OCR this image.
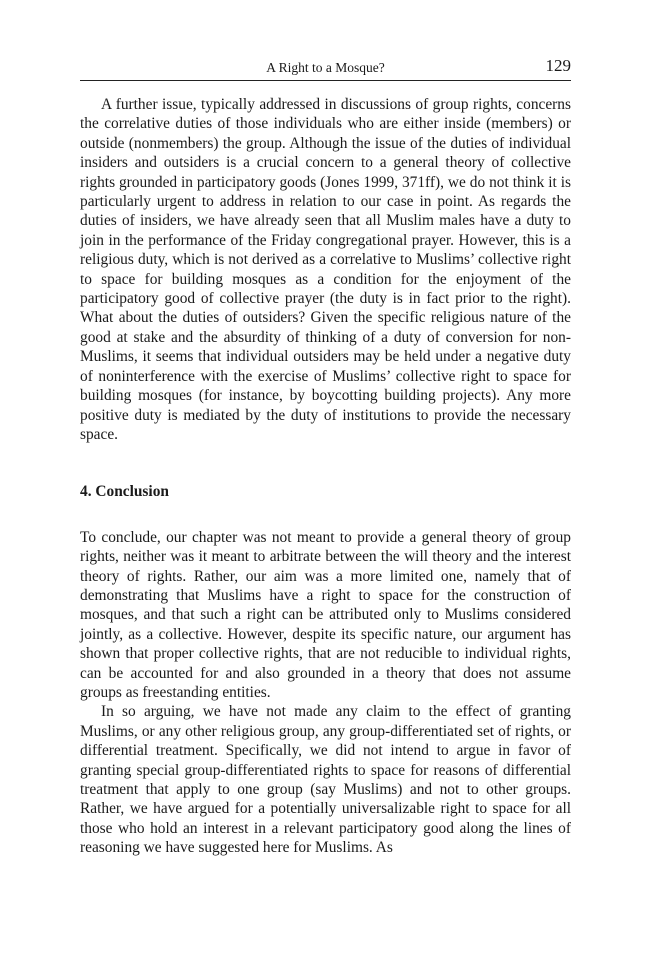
A Right to a Mosque?	129

A further issue, typically addressed in discussions of group rights, concerns the correlative duties of those individuals who are either inside (members) or outside (nonmembers) the group. Although the issue of the duties of individual insiders and outsiders is a crucial concern to a general theory of collective rights grounded in participatory goods (Jones 1999, 371ff), we do not think it is particularly urgent to address in relation to our case in point. As regards the duties of insiders, we have already seen that all Muslim males have a duty to join in the performance of the Friday congregational prayer. However, this is a religious duty, which is not derived as a correlative to Muslims’ collective right to space for building mosques as a condition for the enjoyment of the participatory good of collective prayer (the duty is in fact prior to the right). What about the duties of outsiders? Given the specific religious nature of the good at stake and the absurdity of thinking of a duty of conversion for non-Muslims, it seems that individual outsiders may be held under a negative duty of noninterference with the exercise of Muslims’ collective right to space for building mosques (for instance, by boycotting building projects). Any more positive duty is mediated by the duty of institutions to provide the necessary space.

4. Conclusion

To conclude, our chapter was not meant to provide a general theory of group rights, neither was it meant to arbitrate between the will theory and the interest theory of rights. Rather, our aim was a more limited one, namely that of demonstrating that Muslims have a right to space for the construction of mosques, and that such a right can be attributed only to Muslims considered jointly, as a collective. However, despite its specific nature, our argument has shown that proper collective rights, that are not reducible to individual rights, can be accounted for and also grounded in a theory that does not assume groups as freestanding entities.

In so arguing, we have not made any claim to the effect of granting Muslims, or any other religious group, any group-differentiated set of rights, or differential treatment. Specifically, we did not intend to argue in favor of granting special group-differentiated rights to space for reasons of differential treatment that apply to one group (say Muslims) and not to other groups. Rather, we have argued for a potentially universalizable right to space for all those who hold an interest in a relevant participatory good along the lines of reasoning we have suggested here for Muslims. As
